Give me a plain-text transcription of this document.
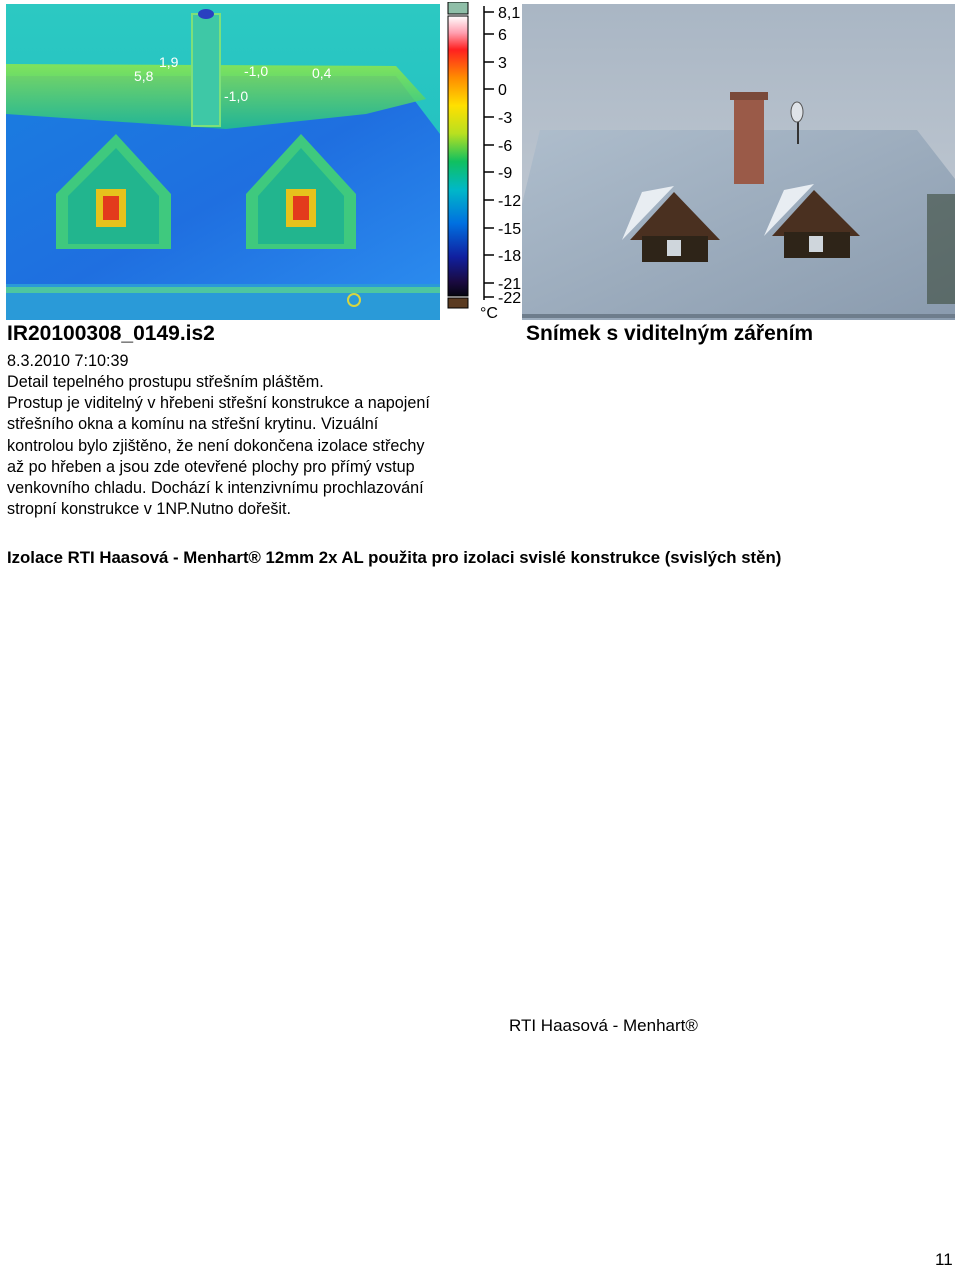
1,9
5,8	-1,0	0,4
-1,0
8,1
6
3
0
-3
-6
-9
-12
-15
-18
-21
-22
°C
IR20100308_0149.is2	Snímek s viditelným zářením
8.3.2010 7:10:39
Detail tepelného prostupu střešním pláštěm.
Prostup je viditelný v hřebeni střešní konstrukce a napojení
střešního okna a komínu na střešní krytinu. Vizuální
kontrolou bylo zjištěno, že není dokončena izolace střechy
až po hřeben a jsou zde otevřené plochy pro přímý vstup
venkovního chladu. Dochází k intenzivnímu prochlazování
stropní konstrukce v 1NP.Nutno dořešit.
Izolace RTI Haasová - Menhart® 12mm 2x AL použita pro izolaci svislé konstrukce (svislých stěn)
RTI Haasová - Menhart®
11
